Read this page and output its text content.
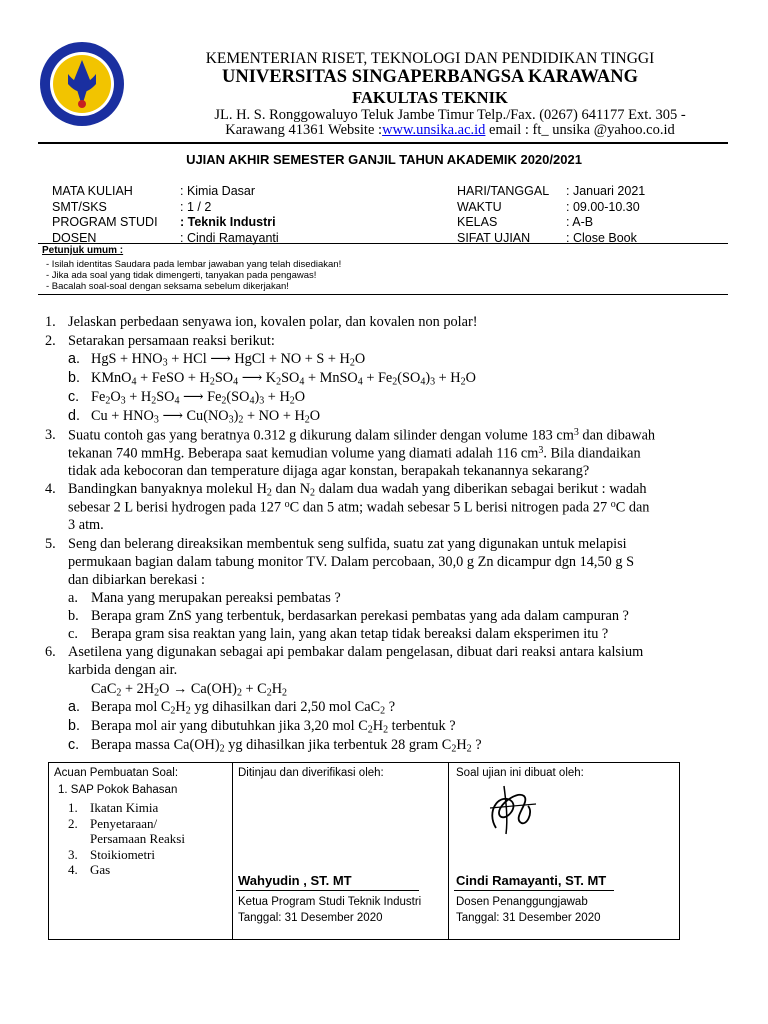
KEMENTERIAN RISET, TEKNOLOGI DAN PENDIDIKAN TINGGI
UNIVERSITAS SINGAPERBANGSA KARAWANG
FAKULTAS TEKNIK
JL. H. S. Ronggowaluyo Teluk Jambe Timur Telp./Fax. (0267) 641177 Ext. 305 -
Karawang 41361 Website :www.unsika.ac.id email : ft_ unsika @yahoo.co.id
UJIAN AKHIR SEMESTER GANJIL TAHUN AKADEMIK 2020/2021
MATA KULIAH
SMT/SKS
PROGRAM STUDI
DOSEN
: Kimia Dasar
: 1 / 2
: Teknik Industri
: Cindi Ramayanti
HARI/TANGGAL
WAKTU
KELAS
SIFAT UJIAN
: Januari 2021
: 09.00-10.30
: A-B
: Close Book
Petunjuk umum :
- Isilah identitas Saudara pada lembar jawaban yang telah disediakan!
- Jika ada soal yang tidak dimengerti, tanyakan pada pengawas!
- Bacalah soal-soal dengan seksama sebelum dikerjakan!
1. Jelaskan perbedaan senyawa ion, kovalen polar, dan kovalen non polar!
2. Setarakan persamaan reaksi berikut:
a. HgS + $HNO_3$ + HCl ⟶ HgCl + NO + $S + H_2O$
b. KMnO$_4$ + FeSO + $H_2SO_4$ ⟶ $K_2SO_4$ + MnSO$_4$ + $Fe_2(SO_4)_3 + H_2O$
c. $Fe_2O_3 + H_2SO_4$ ⟶ $Fe_2(SO_4)_3 + H_2O$
d. $Cu + HNO_3$ ⟶ $Cu(NO_3)_2$ + NO + $H_2O$
3. Suatu contoh gas yang beratnya 0.312 g dikurung dalam silinder dengan volume 183 $cm^3$ dan dibawah
tekanan 740 mmHg. Beberapa saat kemudian volume yang diamati adalah 116 $cm^3$. Bila diandaikan
tidak ada kebocoran dan temperature dijaga agar konstan, berapakah tekanannya sekarang?
4. Bandingkan banyaknya molekul $H_2$ dan $N_2$ dalam dua wadah yang diberikan sebagai berikut : wadah
sebesar 2 L berisi hydrogen pada 127 $^o$C dan 5 atm; wadah sebesar 5 L berisi nitrogen pada 27 $^o$C dan
3 atm.
5. Seng dan belerang direaksikan membentuk seng sulfida, suatu zat yang digunakan untuk melapisi
permukaan bagian dalam tabung monitor TV. Dalam percobaan, 30,0 g Zn dicampur dgn 14,50 g S
dan dibiarkan berekasi :
a. Mana yang merupakan pereaksi pembatas ?
b. Berapa gram ZnS yang terbentuk, berdasarkan perekasi pembatas yang ada dalam campuran ?
c. Berapa gram sisa reaktan yang lain, yang akan tetap tidak bereaksi dalam eksperimen itu ?
6. Asetilena yang digunakan sebagai api pembakar dalam pengelasan, dibuat dari reaksi antara kalsium
karbida dengan air.
$CaC_2 + 2H_2O \to Ca(OH)_2 + C_2H_2$
a. Berapa mol $C_2H_2$ yg dihasilkan dari 2,50 mol CaC$_2$ ?
b. Berapa mol air yang dibutuhkan jika 3,20 mol $C_2H_2$ terbentuk ?
c. Berapa massa $Ca(OH)_2$ yg dihasilkan jika terbentuk 28 gram $C_2H_2$ ?
Acuan Pembuatan Soal:
1. SAP Pokok Bahasan
1. Ikatan Kimia
2. Penyetaraan/
Persamaan Reaksi
3. Stoikiometri
4. Gas
Ditinjau dan diverifikasi oleh:
Wahyudin , ST. MT
Ketua Program Studi Teknik Industri
Tanggal: 31 Desember 2020
Soal ujian ini dibuat oleh:
Cindi Ramayanti, ST. MT
Dosen Penanggungjawab
Tanggal: 31 Desember 2020
